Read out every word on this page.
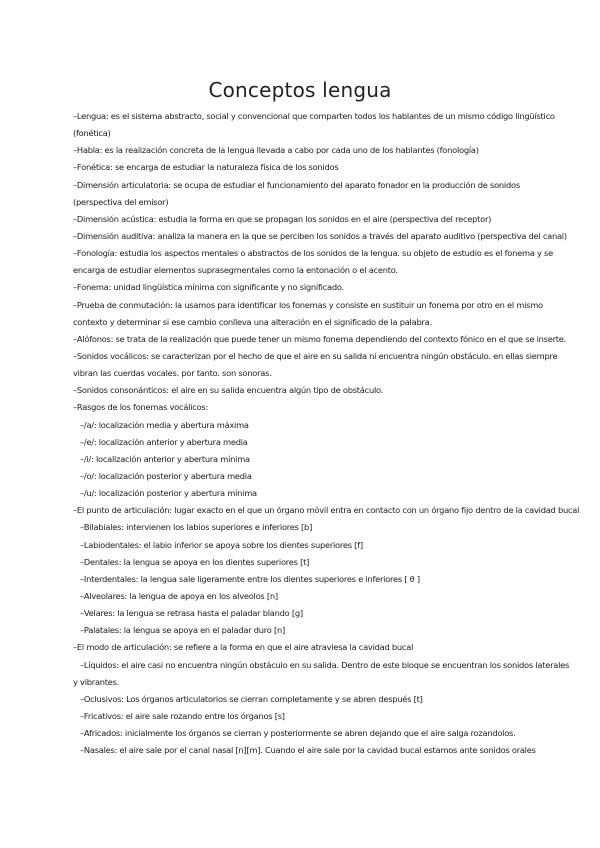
Conceptos lengua
–Lengua: es el sistema abstracto, social y convencional que comparten todos los hablantes de un mismo código lingüístico
(fonética)
–Habla: es la realización concreta de la lengua llevada a cabo por cada uno de los hablantes (fonología)
–Fonética: se encarga de estudiar la naturaleza física de los sonidos
–Dimensión articulatoria: se ocupa de estudiar el funcionamiento del aparato fonador en la producción de sonidos
(perspectiva del emisor)
–Dimensión acústica: estudia la forma en que se propagan los sonidos en el aire (perspectiva del receptor)
–Dimensión auditiva: analiza la manera en la que se perciben los sonidos a través del aparato auditivo (perspectiva del canal)
–Fonología: estudia los aspectos mentales o abstractos de los sonidos de la lengua. su objeto de estudio es el fonema y se
encarga de estudiar elementos suprasegmentales como la entonación o el acento.
–Fonema: unidad lingüística mínima con significante y no significado.
–Prueba de conmutación: la usamos para identificar los fonemas y consiste en sustituir un fonema por otro en el mismo
contexto y determinar si ese cambio conlleva una alteración en el significado de la palabra.
–Alófonos: se trata de la realización que puede tener un mismo fonema dependiendo del contexto fónico en el que se inserte.
–Sonidos vocálicos: se caracterizan por el hecho de que el aire en su salida ni encuentra ningún obstáculo. en ellas siempre
vibran las cuerdas vocales. por tanto. son sonoras.
–Sonidos consonánticos: el aire en su salida encuentra algún tipo de obstáculo.
–Rasgos de los fonemas vocálicos:
–/a/: localización media y abertura máxima
–/e/: localización anterior y abertura media
–/i/: localización anterior y abertura mínima
–/o/: localización posterior y abertura media
–/u/: localización posterior y abertura mínima
–El punto de articulación: lugar exacto en el que un órgano móvil entra en contacto con un órgano fijo dentro de la cavidad bucal
–Bilabiales: intervienen los labios superiores e inferiores [b]
–Labiodentales: el labio inferior se apoya sobre los dientes superiores [f]
–Dentales: la lengua se apoya en los dientes superiores [t]
–Interdentales: la lengua sale ligeramente entre los dientes superiores e inferiores [ θ ]
–Alveolares: la lengua de apoya en los alveolos [n]
–Velares: la lengua se retrasa hasta el paladar blando [g]
–Palatales: la lengua se apoya en el paladar duro [n]
–El modo de articulación: se refiere a la forma en que el aire atraviesa la cavidad bucal
–Líquidos: el aire casi no encuentra ningún obstáculo en su salida. Dentro de este bloque se encuentran los sonidos laterales
y vibrantes.
–Oclusivos: Los órganos articulatorios se cierran completamente y se abren después [t]
–Fricativos: el aire sale rozando entre los órganos [s]
–Africados: inicialmente los órganos se cierran y posteriormente se abren dejando que el aire salga rozandolos.
–Nasales: el aire sale por el canal nasal [n][m]. Cuando el aire sale por la cavidad bucal estamos ante sonidos orales
